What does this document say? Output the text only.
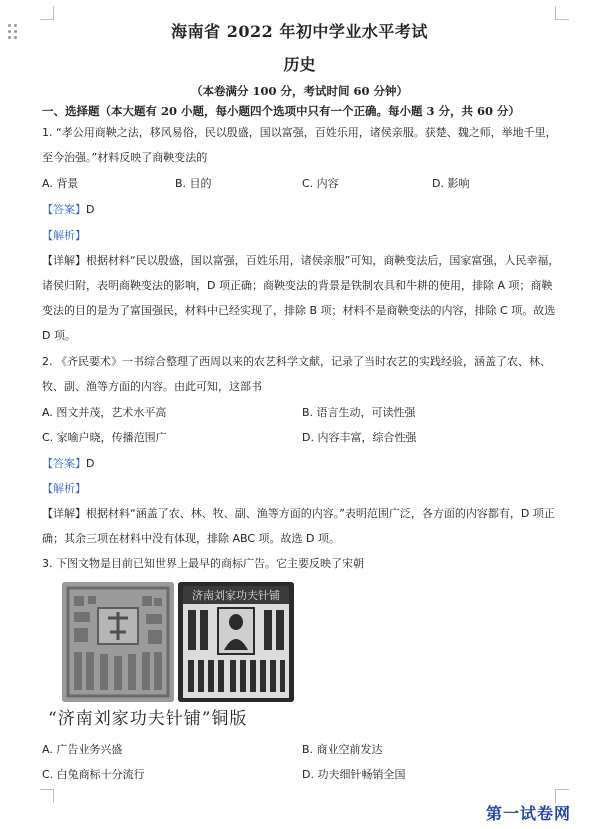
海南省 2022 年初中学业水平考试
历史
（本卷满分 100 分，考试时间 60 分钟）
一、选择题（本大题有 20 小题，每小题四个选项中只有一个正确。每小题 3 分，共 60 分）
1. “孝公用商鞅之法，移风易俗，民以殷盛，国以富强，百姓乐用，诸侯亲服。获楚、魏之师，举地千里，
至今治强。”材料反映了商鞅变法的
A. 背景	B. 目的	C. 内容	D. 影响
【答案】D
【解析】
【详解】根据材料“民以殷盛，国以富强，百姓乐用，诸侯亲服”可知，商鞅变法后，国家富强，人民幸福，
诸侯归附，表明商鞅变法的影响，D 项正确；商鞅变法的背景是铁制农具和牛耕的使用，排除 A 项；商鞅
变法的目的是为了富国强民，材料中已经实现了，排除 B 项；材料不是商鞅变法的内容，排除 C 项。故选
D 项。
2. 《齐民要术》一书综合整理了西周以来的农艺科学文献，记录了当时农艺的实践经验，涵盖了农、林、
牧、副、渔等方面的内容。由此可知，这部书
A. 图文并茂，艺术水平高	B. 语言生动，可读性强
C. 家喻户晓，传播范围广	D. 内容丰富，综合性强
【答案】D
【解析】
【详解】根据材料“涵盖了农、林、牧、副、渔等方面的内容。”表明范围广泛，各方面的内容都有，D 项正
确；其余三项在材料中没有体现，排除 ABC 项。故选 D 项。
3. 下图文物是目前已知世界上最早的商标广告。它主要反映了宋朝
济南刘家功夫针铺
“济南刘家功夫针铺”铜版
A. 广告业务兴盛	B. 商业空前发达
C. 白兔商标十分流行	D. 功夫细针畅销全国
第一试卷网
